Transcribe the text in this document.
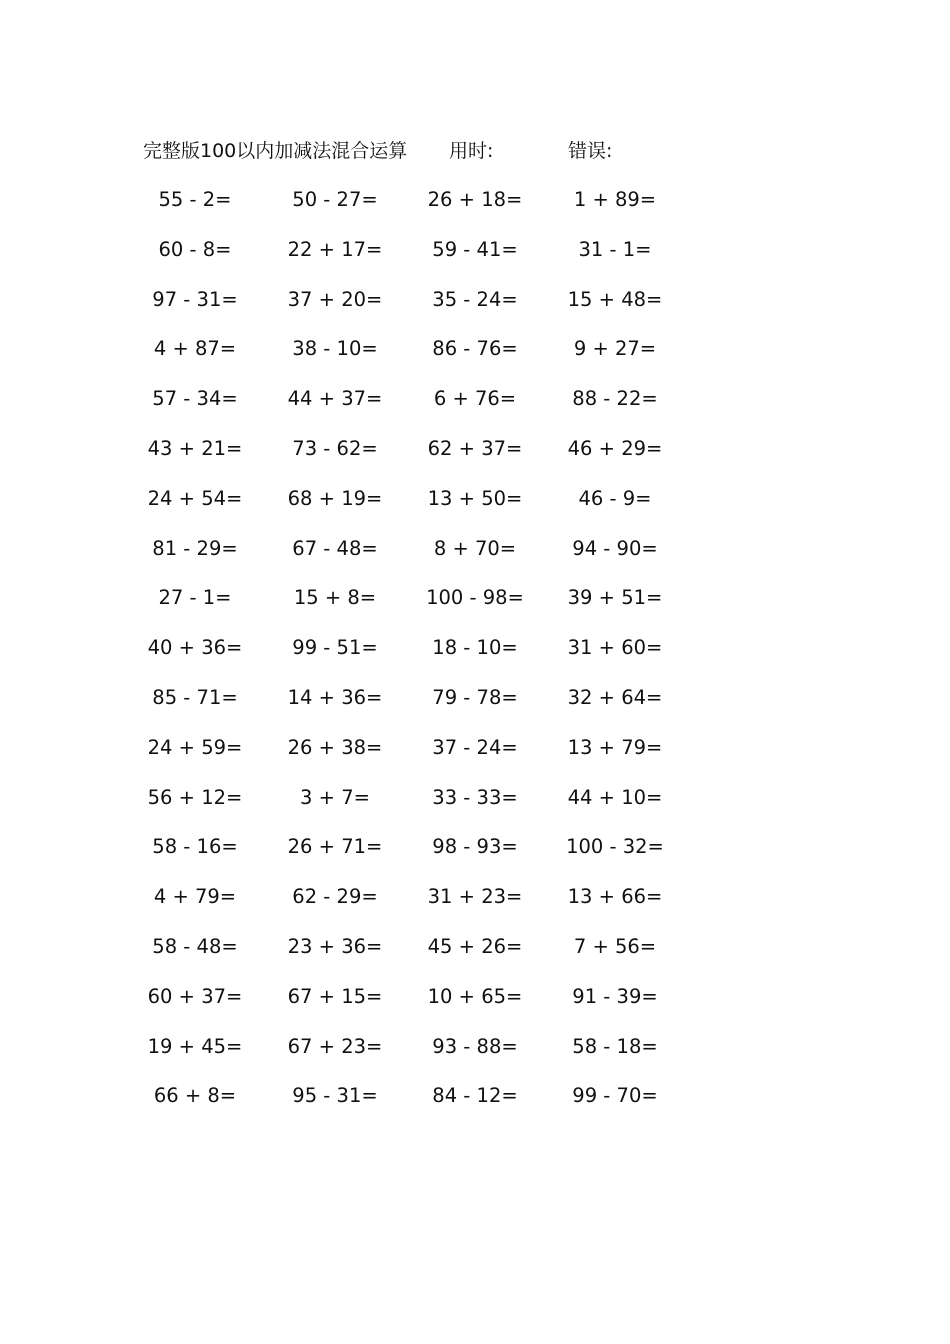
完整版100以内加减法混合运算 用时:	错误:
55 - 2=	50 - 27=	26 + 18=	1 + 89=
60 - 8=	22 + 17=	59 - 41=	31 - 1=
97 - 31=	37 + 20=	35 - 24=	15 + 48=
4 + 87=	38 - 10=	86 - 76=	9 + 27=
57 - 34=	44 + 37=	6 + 76=	88 - 22=
43 + 21=	73 - 62=	62 + 37=	46 + 29=
24 + 54=	68 + 19=	13 + 50=	46 - 9=
81 - 29=	67 - 48=	8 + 70=	94 - 90=
27 - 1=	15 + 8=	100 - 98=	39 + 51=
40 + 36=	99 - 51=	18 - 10=	31 + 60=
85 - 71=	14 + 36=	79 - 78=	32 + 64=
24 + 59=	26 + 38=	37 - 24=	13 + 79=
56 + 12=	3 + 7=	33 - 33=	44 + 10=
58 - 16=	26 + 71=	98 - 93=	100 - 32=
4 + 79=	62 - 29=	31 + 23=	13 + 66=
58 - 48=	23 + 36=	45 + 26=	7 + 56=
60 + 37=	67 + 15=	10 + 65=	91 - 39=
19 + 45=	67 + 23=	93 - 88=	58 - 18=
66 + 8=	95 - 31=	84 - 12=	99 - 70=
